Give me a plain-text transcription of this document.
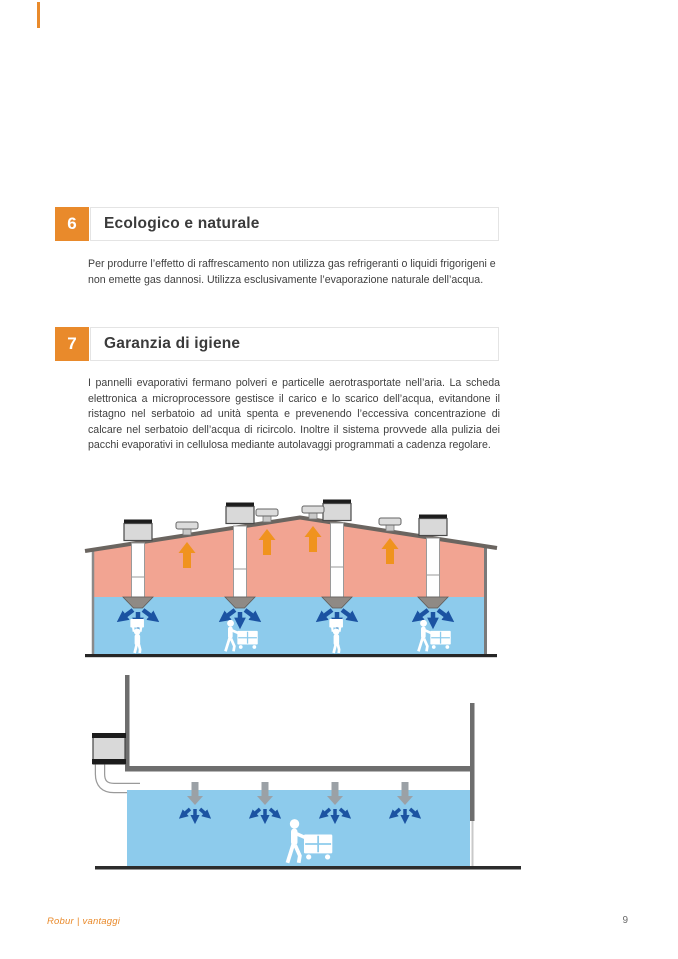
6	Ecologico e naturale
Per produrre l’effetto di raffrescamento non utilizza gas refrigeranti o liquidi frigorigeni e non emette gas dannosi. Utilizza esclusivamente l’evaporazione naturale dell’acqua.
7	Garanzia di igiene
I pannelli evaporativi fermano polveri e particelle aerotrasportate nell’aria. La scheda elettronica a microprocessore gestisce il carico e lo scarico dell’acqua, evitandone il ristagno nel serbatoio ad unità spenta e prevenendo l’eccessiva concentrazione di calcare nel serbatoio dell’acqua di ricircolo. Inoltre il sistema provvede alla pulizia dei pacchi evaporativi in cellulosa mediante autolavaggi programmati a cadenza regolare.
Robur | vantaggi	9
